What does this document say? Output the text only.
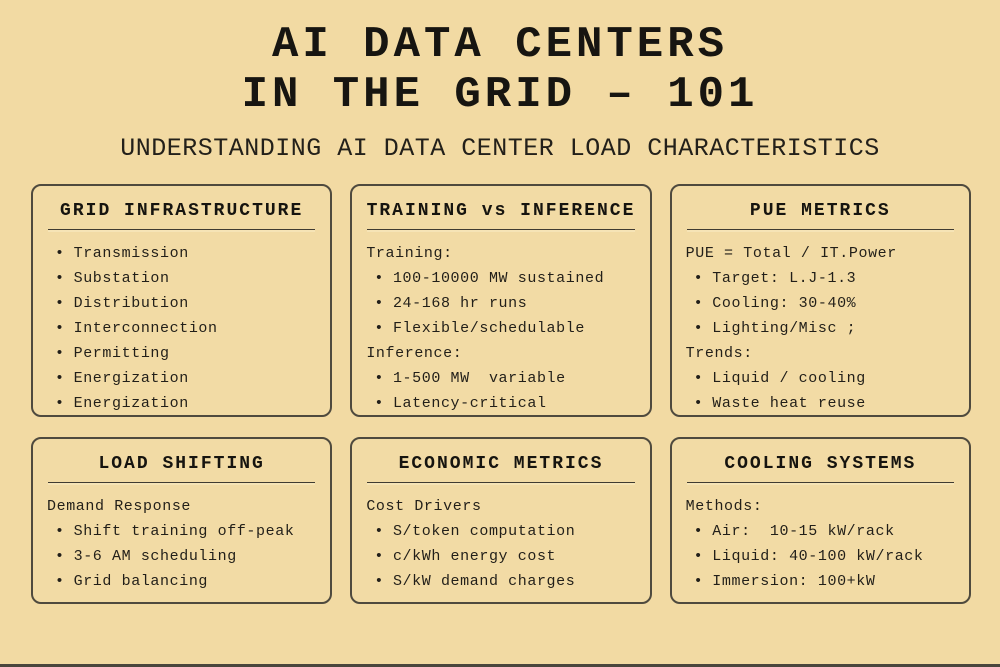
AI DATA CENTERS
IN THE GRID – 101
UNDERSTANDING AI DATA CENTER LOAD CHARACTERISTICS
GRID INFRASTRUCTURE
• Transmission
• Substation
• Distribution
• Interconnection
• Permitting
• Energization
• Energization
TRAINING vs INFERENCE
Training:
• 100-10000 MW sustained
• 24-168 hr runs
• Flexible/schedulable
Inference:
• 1-500 MW  variable
• Latency-critical
PUE METRICS
PUE = Total / IT.Power
• Target: L.J-1.3
• Cooling: 30-40%
• Lighting/Misc ;
Trends:
• Liquid / cooling
• Waste heat reuse
LOAD SHIFTING
Demand Response
• Shift training off-peak
• 3-6 AM scheduling
• Grid balancing
ECONOMIC METRICS
Cost Drivers
• S/token computation
• c/kWh energy cost
• S/kW demand charges
COOLING SYSTEMS
Methods:
• Air:  10-15 kW/rack
• Liquid: 40-100 kW/rack
• Immersion: 100+kW
